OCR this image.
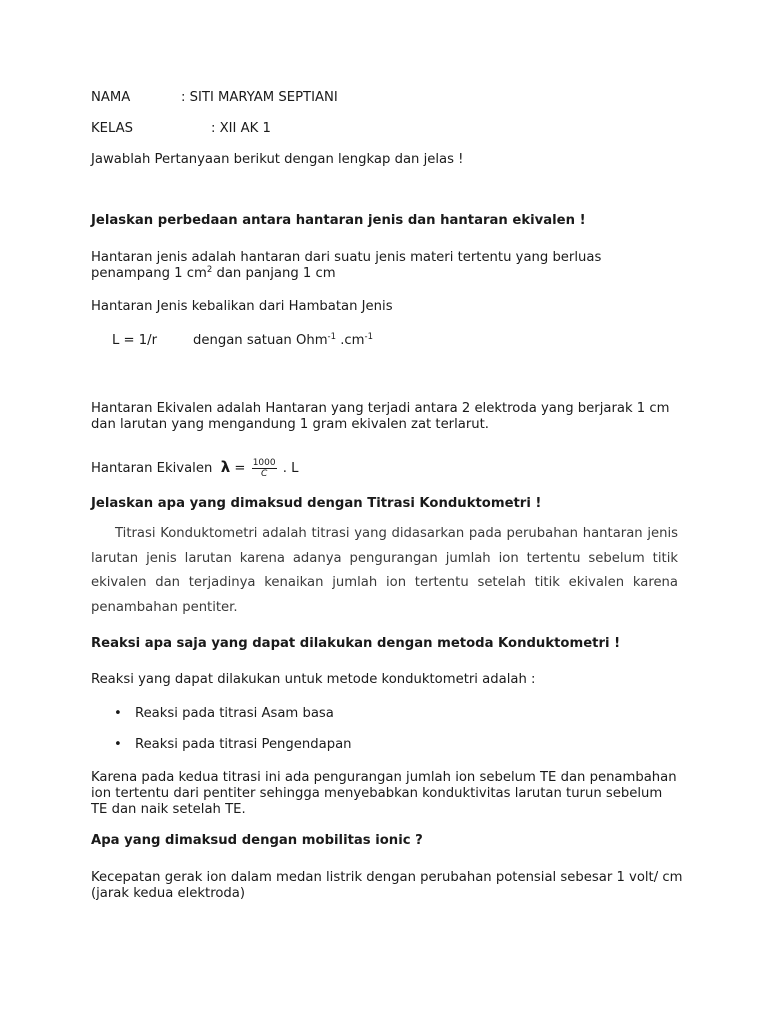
NAMA	: SITI MARYAM SEPTIANI
KELAS	: XII AK 1

Jawablah Pertanyaan berikut dengan lengkap dan jelas !

Jelaskan perbedaan antara hantaran jenis dan hantaran ekivalen !

Hantaran jenis adalah hantaran dari suatu jenis materi tertentu yang berluas penampang 1 $cm^2$ dan panjang 1 cm

Hantaran Jenis kebalikan dari Hambatan Jenis

L = 1/r	dengan satuan Ohm$^{-1}$ $.cm^{-1}$

Hantaran Ekivalen adalah Hantaran yang terjadi antara 2 elektroda yang berjarak 1 cm dan larutan yang mengandung 1 gram ekivalen zat terlarut.

Hantaran Ekivalen $\lambda = \frac{1000}{C}$ . L

Jelaskan apa yang dimaksud dengan Titrasi Konduktometri !

Titrasi Konduktometri adalah titrasi yang didasarkan pada perubahan hantaran jenis larutan jenis larutan karena adanya pengurangan jumlah ion tertentu sebelum titik ekivalen dan terjadinya kenaikan jumlah ion tertentu setelah titik ekivalen karena penambahan pentiter.

Reaksi apa saja yang dapat dilakukan dengan metoda Konduktometri !

Reaksi yang dapat dilakukan untuk metode konduktometri adalah :

• Reaksi pada titrasi Asam basa
• Reaksi pada titrasi Pengendapan

Karena pada kedua titrasi ini ada pengurangan jumlah ion sebelum TE dan penambahan ion tertentu dari pentiter sehingga menyebabkan konduktivitas larutan turun sebelum TE dan naik setelah TE.

Apa yang dimaksud dengan mobilitas ionic ?

Kecepatan gerak ion dalam medan listrik dengan perubahan potensial sebesar 1 volt/ cm (jarak kedua elektroda)
